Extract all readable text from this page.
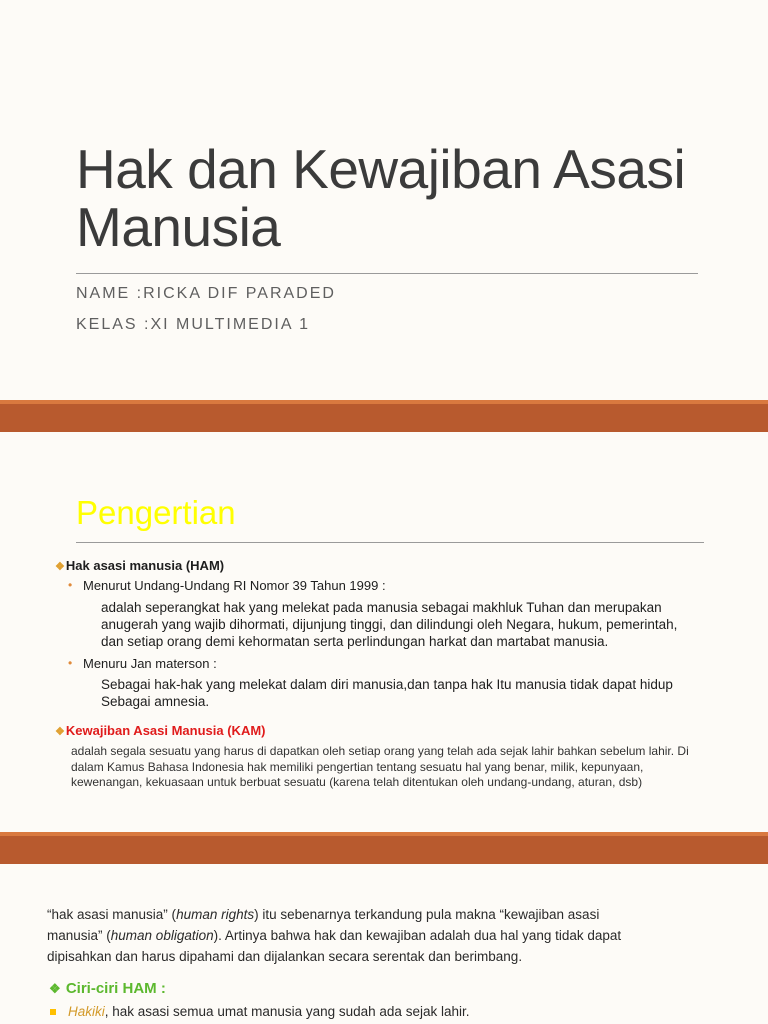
Hak dan Kewajiban Asasi
Manusia
NAME :RICKA DIF PARADED
KELAS :XI MULTIMEDIA 1
Pengertian
❖Hak asasi manusia (HAM)
• Menurut Undang-Undang RI Nomor 39 Tahun 1999 :
adalah seperangkat hak yang melekat pada manusia sebagai makhluk Tuhan dan merupakan
anugerah yang wajib dihormati, dijunjung tinggi, dan dilindungi oleh Negara, hukum, pemerintah,
dan setiap orang demi kehormatan serta perlindungan harkat dan martabat manusia.
• Menuru Jan materson :
Sebagai hak-hak yang melekat dalam diri manusia,dan tanpa hak Itu manusia tidak dapat hidup
Sebagai amnesia.
❖Kewajiban Asasi Manusia (KAM)
adalah segala sesuatu yang harus di dapatkan oleh setiap orang yang telah ada sejak lahir bahkan sebelum lahir. Di
dalam Kamus Bahasa Indonesia hak memiliki pengertian tentang sesuatu hal yang benar, milik, kepunyaan,
kewenangan, kekuasaan untuk berbuat sesuatu (karena telah ditentukan oleh undang-undang, aturan, dsb)
“hak asasi manusia” (human rights) itu sebenarnya terkandung pula makna “kewajiban asasi
manusia” (human obligation). Artinya bahwa hak dan kewajiban adalah dua hal yang tidak dapat
dipisahkan dan harus dipahami dan dijalankan secara serentak dan berimbang.
❖ Ciri-ciri HAM :
Hakiki, hak asasi semua umat manusia yang sudah ada sejak lahir.
